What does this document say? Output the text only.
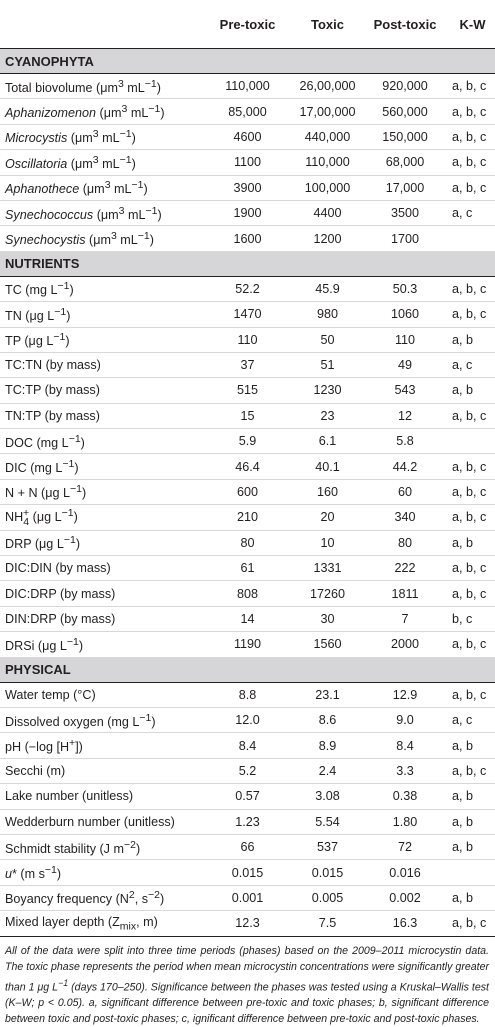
	Pre-toxic	Toxic	Post-toxic	K-W
CYANOPHYTA				
Total biovolume ($\mu m^3$ $mL^{-1}$)	110,000	26,00,000	920,000	a, b, c
Aphanizomenon ($\mu m^3$ $mL^{-1}$)	85,000	17,00,000	560,000	a, b, c
Microcystis ($\mu m^3$ $mL^{-1}$)	4600	440,000	150,000	a, b, c
Oscillatoria ($\mu m^3$ $mL^{-1}$)	1100	110,000	68,000	a, b, c
Aphanothece ($\mu m^3$ $mL^{-1}$)	3900	100,000	17,000	a, b, c
Synechococcus ($\mu m^3$ $mL^{-1}$)	1900	4400	3500	a, c
Synechocystis ($\mu m^3$ $mL^{-1}$)	1600	1200	1700	
NUTRIENTS				
TC (mg $L^{-1}$)	52.2	45.9	50.3	a, b, c
TN (μg $L^{-1}$)	1470	980	1060	a, b, c
TP (μg $L^{-1}$)	110	50	110	a, b
TC:TN (by mass)	37	51	49	a, c
TC:TP (by mass)	515	1230	543	a, b
TN:TP (by mass)	15	23	12	a, b, c
DOC (mg $L^{-1}$)	5.9	6.1	5.8	
DIC (mg $L^{-1}$)	46.4	40.1	44.2	a, b, c
N + N (μg $L^{-1}$)	600	160	60	a, b, c
$NH_4^+$ (μg $L^{-1}$)	210	20	340	a, b, c
DRP (μg $L^{-1}$)	80	10	80	a, b
DIC:DIN (by mass)	61	1331	222	a, b, c
DIC:DRP (by mass)	808	17260	1811	a, b, c
DIN:DRP (by mass)	14	30	7	b, c
DRSi (μg $L^{-1}$)	1190	1560	2000	a, b, c
PHYSICAL				
Water temp (°C)	8.8	23.1	12.9	a, b, c
Dissolved oxygen (mg $L^{-1}$)	12.0	8.6	9.0	a, c
pH (−log [H+])	8.4	8.9	8.4	a, b
Secchi (m)	5.2	2.4	3.3	a, b, c
Lake number (unitless)	0.57	3.08	0.38	a, b
Wedderburn number (unitless)	1.23	5.54	1.80	a, b
Schmidt stability (J $m^{-2}$)	66	537	72	a, b
u* (m $s^{-1}$)	0.015	0.015	0.016	
Boyancy frequency ($N^2$, $s^{-2}$)	0.001	0.005	0.002	a, b
Mixed layer depth ($Z_{mix}$, m)	12.3	7.5	16.3	a, b, c
All of the data were split into three time periods (phases) based on the 2009–2011 microcystin data. The toxic phase represents the period when mean microcystin concentrations were significantly greater than 1 μg $L^{-1}$ (days 170–250). Significance between the phases was tested using a Kruskal–Wallis test (K–W; p < 0.05). a, significant difference between pre-toxic and toxic phases; b, significant difference between toxic and post-toxic phases; c, ignificant difference between pre-toxic and post-toxic phases.
